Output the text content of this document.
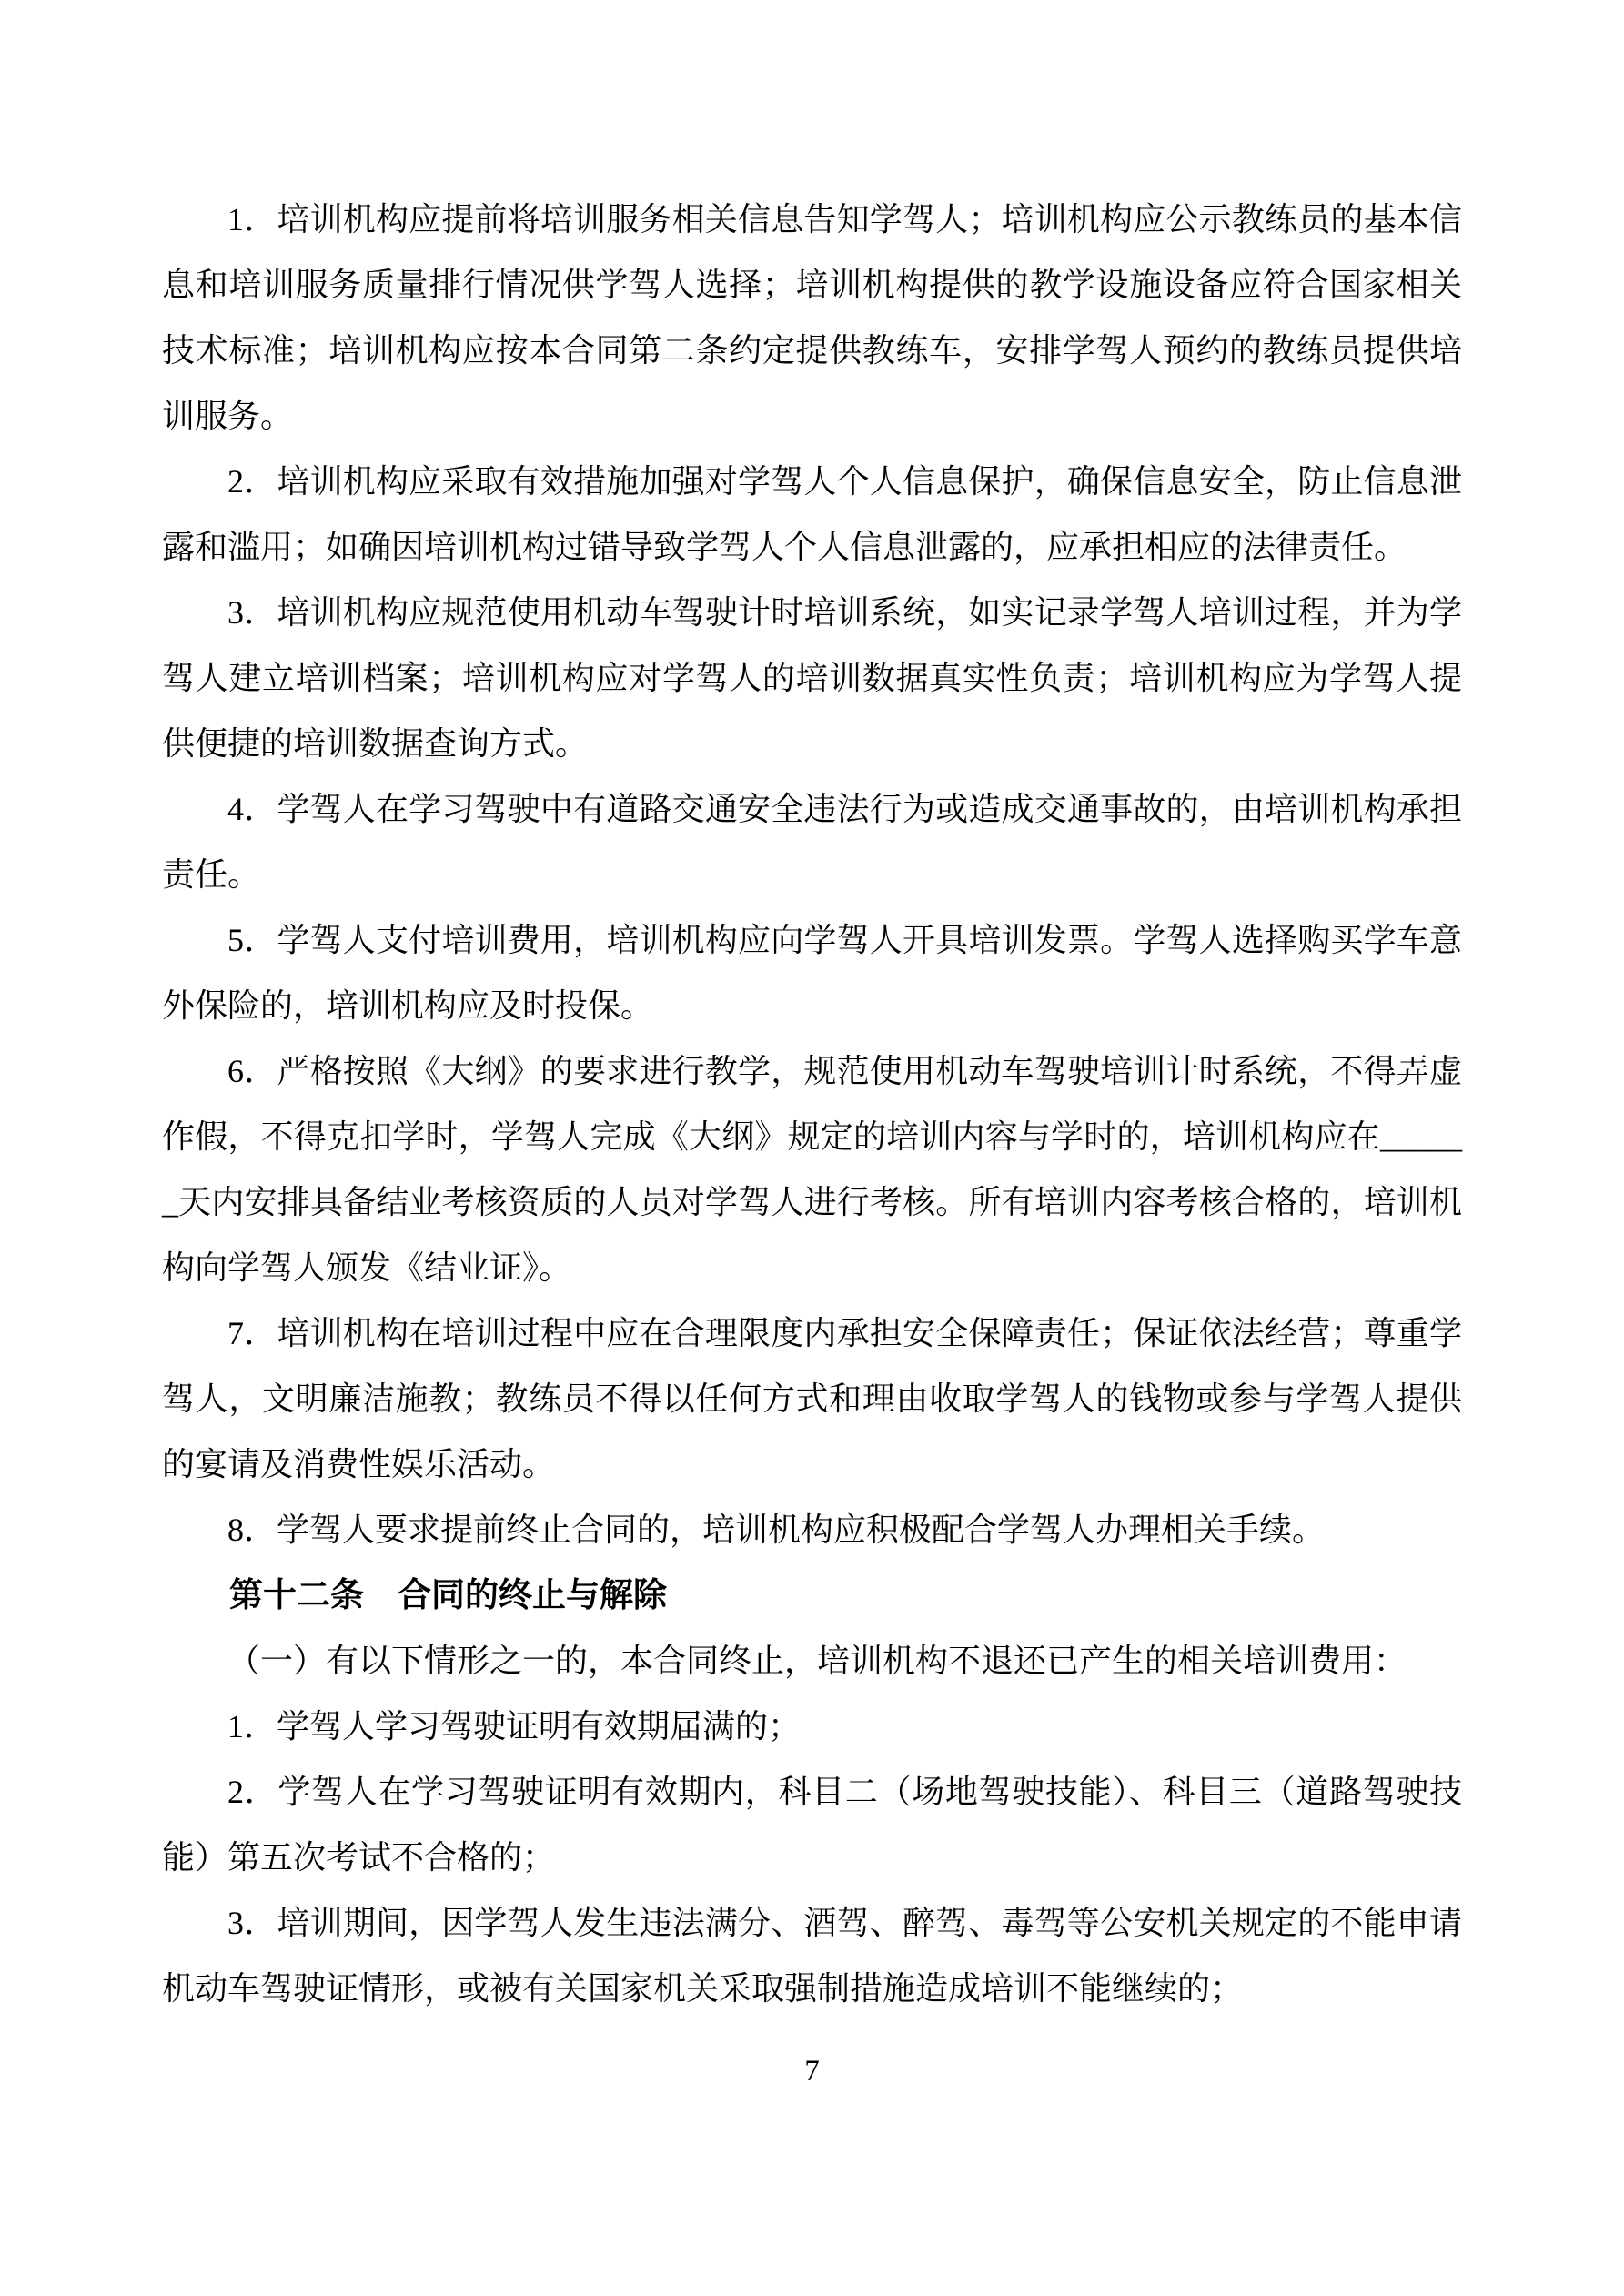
1．培训机构应提前将培训服务相关信息告知学驾人；培训机构应公示教练员的基本信息和培训服务质量排行情况供学驾人选择；培训机构提供的教学设施设备应符合国家相关技术标准；培训机构应按本合同第二条约定提供教练车，安排学驾人预约的教练员提供培训服务。

2．培训机构应采取有效措施加强对学驾人个人信息保护，确保信息安全，防止信息泄露和滥用；如确因培训机构过错导致学驾人个人信息泄露的，应承担相应的法律责任。

3．培训机构应规范使用机动车驾驶计时培训系统，如实记录学驾人培训过程，并为学驾人建立培训档案；培训机构应对学驾人的培训数据真实性负责；培训机构应为学驾人提供便捷的培训数据查询方式。

4．学驾人在学习驾驶中有道路交通安全违法行为或造成交通事故的，由培训机构承担责任。

5．学驾人支付培训费用，培训机构应向学驾人开具培训发票。学驾人选择购买学车意外保险的，培训机构应及时投保。

6．严格按照《大纲》的要求进行教学，规范使用机动车驾驶培训计时系统，不得弄虚作假，不得克扣学时，学驾人完成《大纲》规定的培训内容与学时的，培训机构应在______天内安排具备结业考核资质的人员对学驾人进行考核。所有培训内容考核合格的，培训机构向学驾人颁发《结业证》。

7．培训机构在培训过程中应在合理限度内承担安全保障责任；保证依法经营；尊重学驾人，文明廉洁施教；教练员不得以任何方式和理由收取学驾人的钱物或参与学驾人提供的宴请及消费性娱乐活动。

8．学驾人要求提前终止合同的，培训机构应积极配合学驾人办理相关手续。

第十二条　合同的终止与解除

（一）有以下情形之一的，本合同终止，培训机构不退还已产生的相关培训费用：

1．学驾人学习驾驶证明有效期届满的；

2．学驾人在学习驾驶证明有效期内，科目二（场地驾驶技能）、科目三（道路驾驶技能）第五次考试不合格的；

3．培训期间，因学驾人发生违法满分、酒驾、醉驾、毒驾等公安机关规定的不能申请机动车驾驶证情形，或被有关国家机关采取强制措施造成培训不能继续的；

7
